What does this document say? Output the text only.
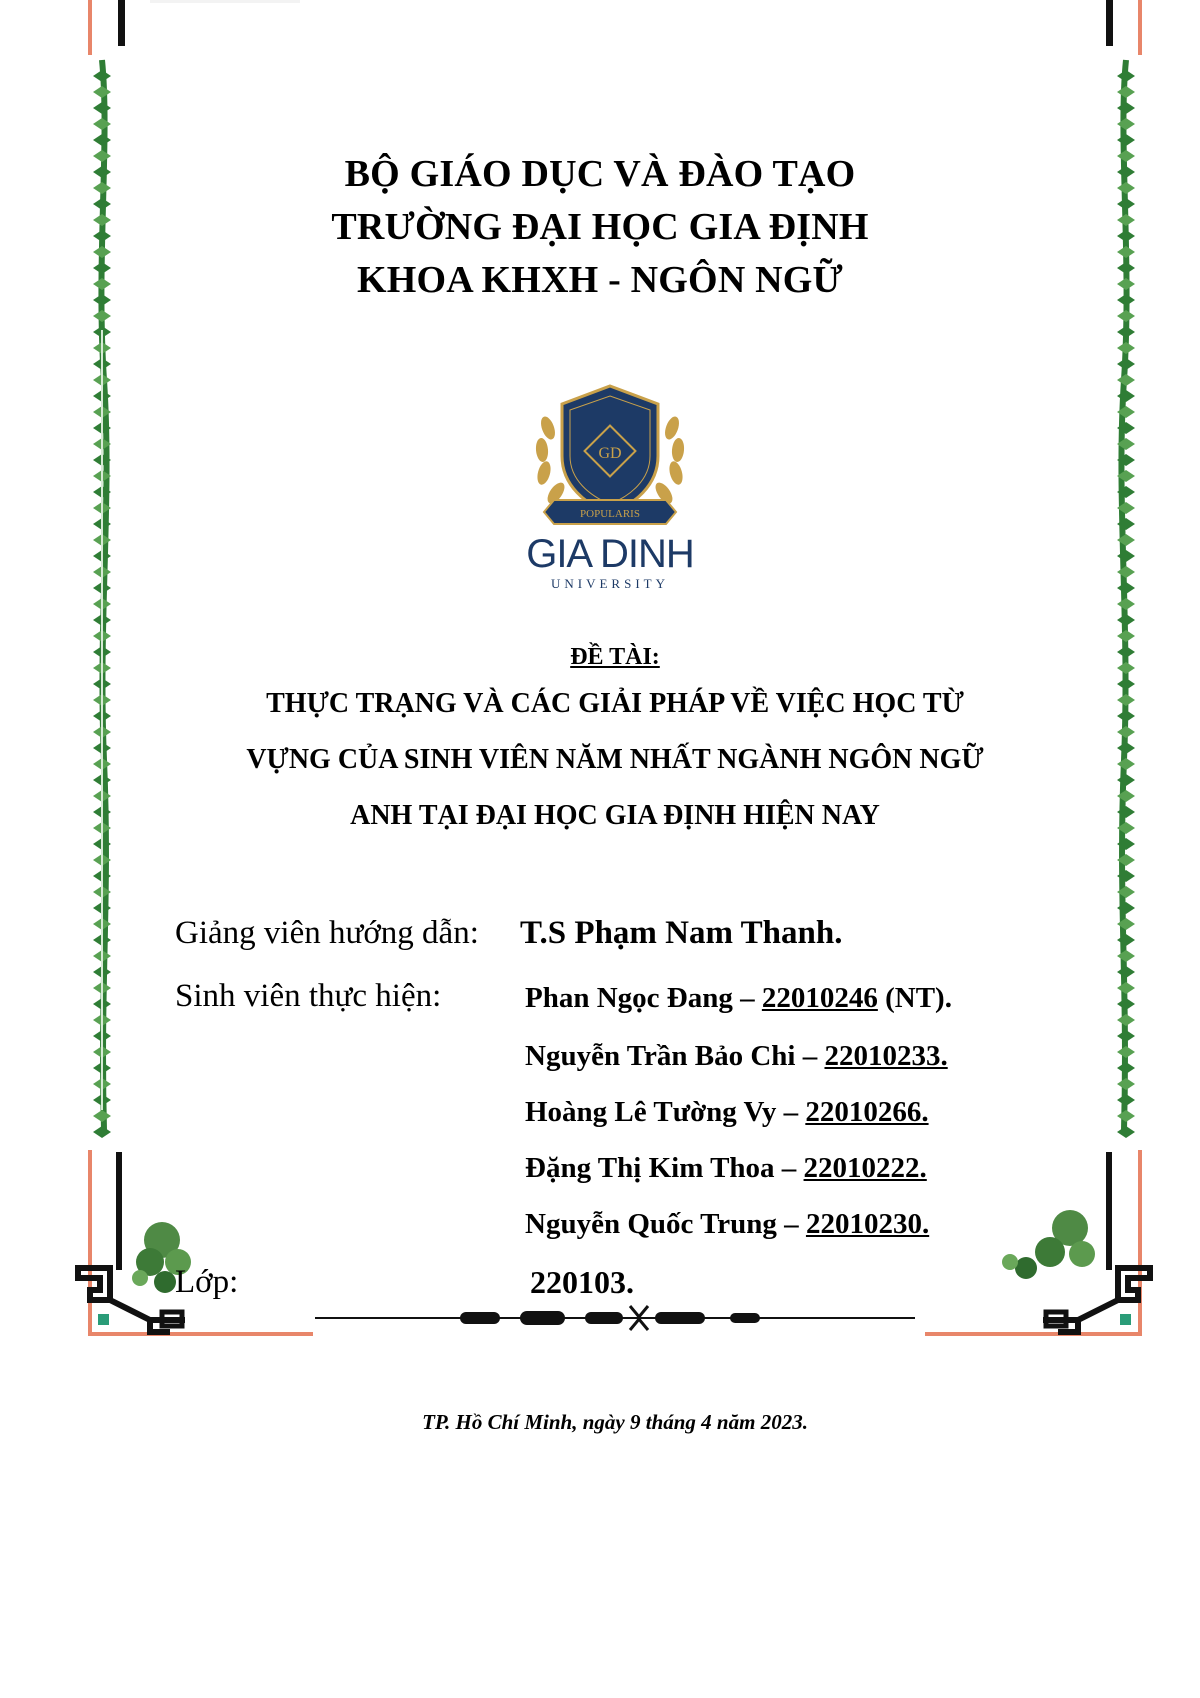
BỘ GIÁO DỤC VÀ ĐÀO TẠO
TRƯỜNG ĐẠI HỌC GIA ĐỊNH
KHOA KHXH - NGÔN NGỮ
GD
POPULARIS
GIA DINH
UNIVERSITY
ĐỀ TÀI:
THỰC TRẠNG VÀ CÁC GIẢI PHÁP VỀ VIỆC HỌC TỪ
VỰNG CỦA SINH VIÊN NĂM NHẤT NGÀNH NGÔN NGỮ
ANH TẠI ĐẠI HỌC GIA ĐỊNH HIỆN NAY
Giảng viên hướng dẫn: T.S Phạm Nam Thanh.
Sinh viên thực hiện:	Phan Ngọc Đang – 22010246 (NT).
Nguyễn Trần Bảo Chi – 22010233.
Hoàng Lê Tường Vy – 22010266.
Đặng Thị Kim Thoa – 22010222.
Nguyễn Quốc Trung – 22010230.
Lớp:	220103.
TP. Hồ Chí Minh, ngày 9 tháng 4 năm 2023.
